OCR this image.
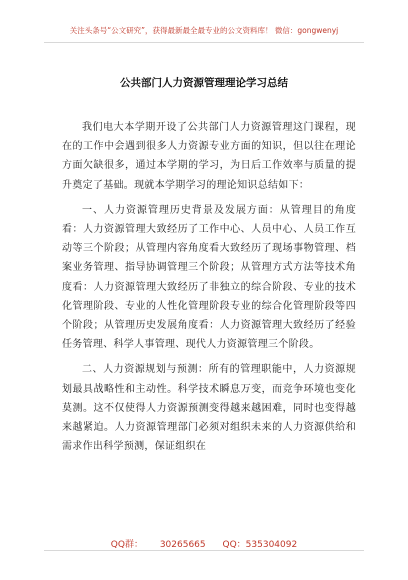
关注头条号“公文研究”，获得最新最全最专业的公文资料库！ 微信：gongwenyj
公共部门人力资源管理理论学习总结

我们电大本学期开设了公共部门人力资源管理这门课程，现在的工作中会遇到很多人力资源专业方面的知识，但以往在理论方面欠缺很多，通过本学期的学习，为日后工作效率与质量的提升奠定了基础。现就本学期学习的理论知识总结如下：

一、人力资源管理历史背景及发展方面：从管理目的角度看：人力资源管理大致经历了工作中心、人员中心、人员工作互动等三个阶段；从管理内容角度看大致经历了现场事物管理、档案业务管理、指导协调管理三个阶段；从管理方式方法等技术角度看：人力资源管理大致经历了非独立的综合阶段、专业的技术化管理阶段、专业的人性化管理阶段专业的综合化管理阶段等四个阶段；从管理历史发展角度看：人力资源管理大致经历了经验任务管理、科学人事管理、现代人力资源管理三个阶段。

二、人力资源规划与预测：所有的管理职能中，人力资源规划最具战略性和主动性。科学技术瞬息万变，而竞争环境也变化莫测。这不仅使得人力资源预测变得越来越困难，同时也变得越来越紧迫。人力资源管理部门必须对组织未来的人力资源供给和需求作出科学预测，保证组织在

QQ群： 30265665 QQ：535304092
